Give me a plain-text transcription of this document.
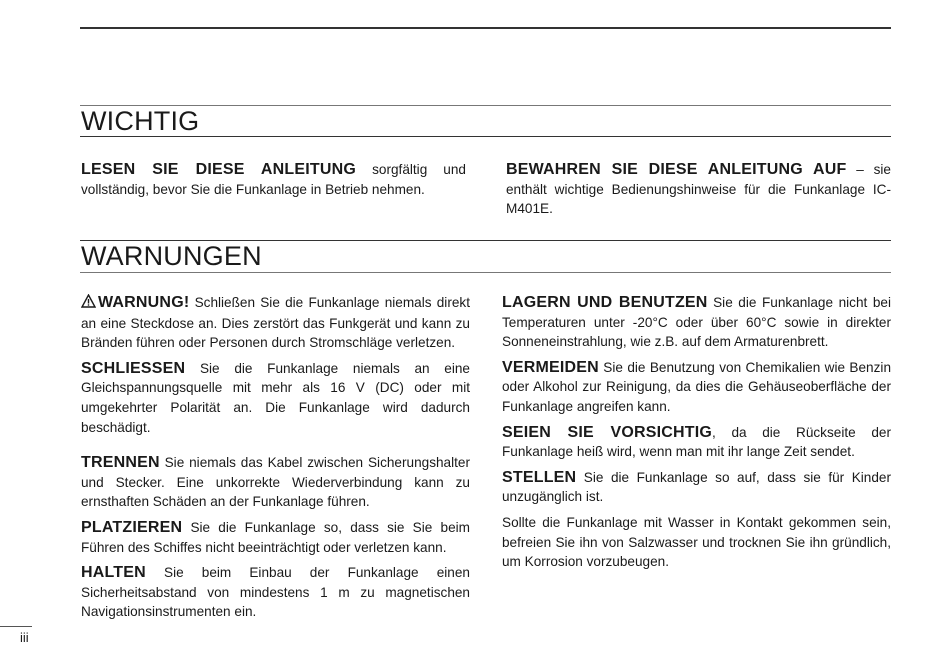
WICHTIG

LESEN SIE DIESE ANLEITUNG sorgfältig und vollständig, bevor Sie die Funkanlage in Betrieb nehmen.

BEWAHREN SIE DIESE ANLEITUNG AUF – sie enthält wichtige Bedienungshinweise für die Funkanlage IC-M401E.

WARNUNGEN

WARNUNG! Schließen Sie die Funkanlage niemals direkt an eine Steckdose an. Dies zerstört das Funkgerät und kann zu Bränden führen oder Personen durch Stromschläge verletzen.

SCHLIESSEN Sie die Funkanlage niemals an eine Gleichspannungsquelle mit mehr als 16 V (DC) oder mit umgekehrter Polarität an. Die Funkanlage wird dadurch beschädigt.

TRENNEN Sie niemals das Kabel zwischen Sicherungshalter und Stecker. Eine unkorrekte Wiederverbindung kann zu ernsthaften Schäden an der Funkanlage führen.

PLATZIEREN Sie die Funkanlage so, dass sie Sie beim Führen des Schiffes nicht beeinträchtigt oder verletzen kann.

HALTEN Sie beim Einbau der Funkanlage einen Sicherheitsabstand von mindestens 1 m zu magnetischen Navigationsinstrumenten ein.

LAGERN UND BENUTZEN Sie die Funkanlage nicht bei Temperaturen unter -20°C oder über 60°C sowie in direkter Sonneneinstrahlung, wie z.B. auf dem Armaturenbrett.

VERMEIDEN Sie die Benutzung von Chemikalien wie Benzin oder Alkohol zur Reinigung, da dies die Gehäuseoberfläche der Funkanlage angreifen kann.

SEIEN SIE VORSICHTIG, da die Rückseite der Funkanlage heiß wird, wenn man mit ihr lange Zeit sendet.

STELLEN Sie die Funkanlage so auf, dass sie für Kinder unzugänglich ist.

Sollte die Funkanlage mit Wasser in Kontakt gekommen sein, befreien Sie ihn von Salzwasser und trocknen Sie ihn gründlich, um Korrosion vorzubeugen.

iii
